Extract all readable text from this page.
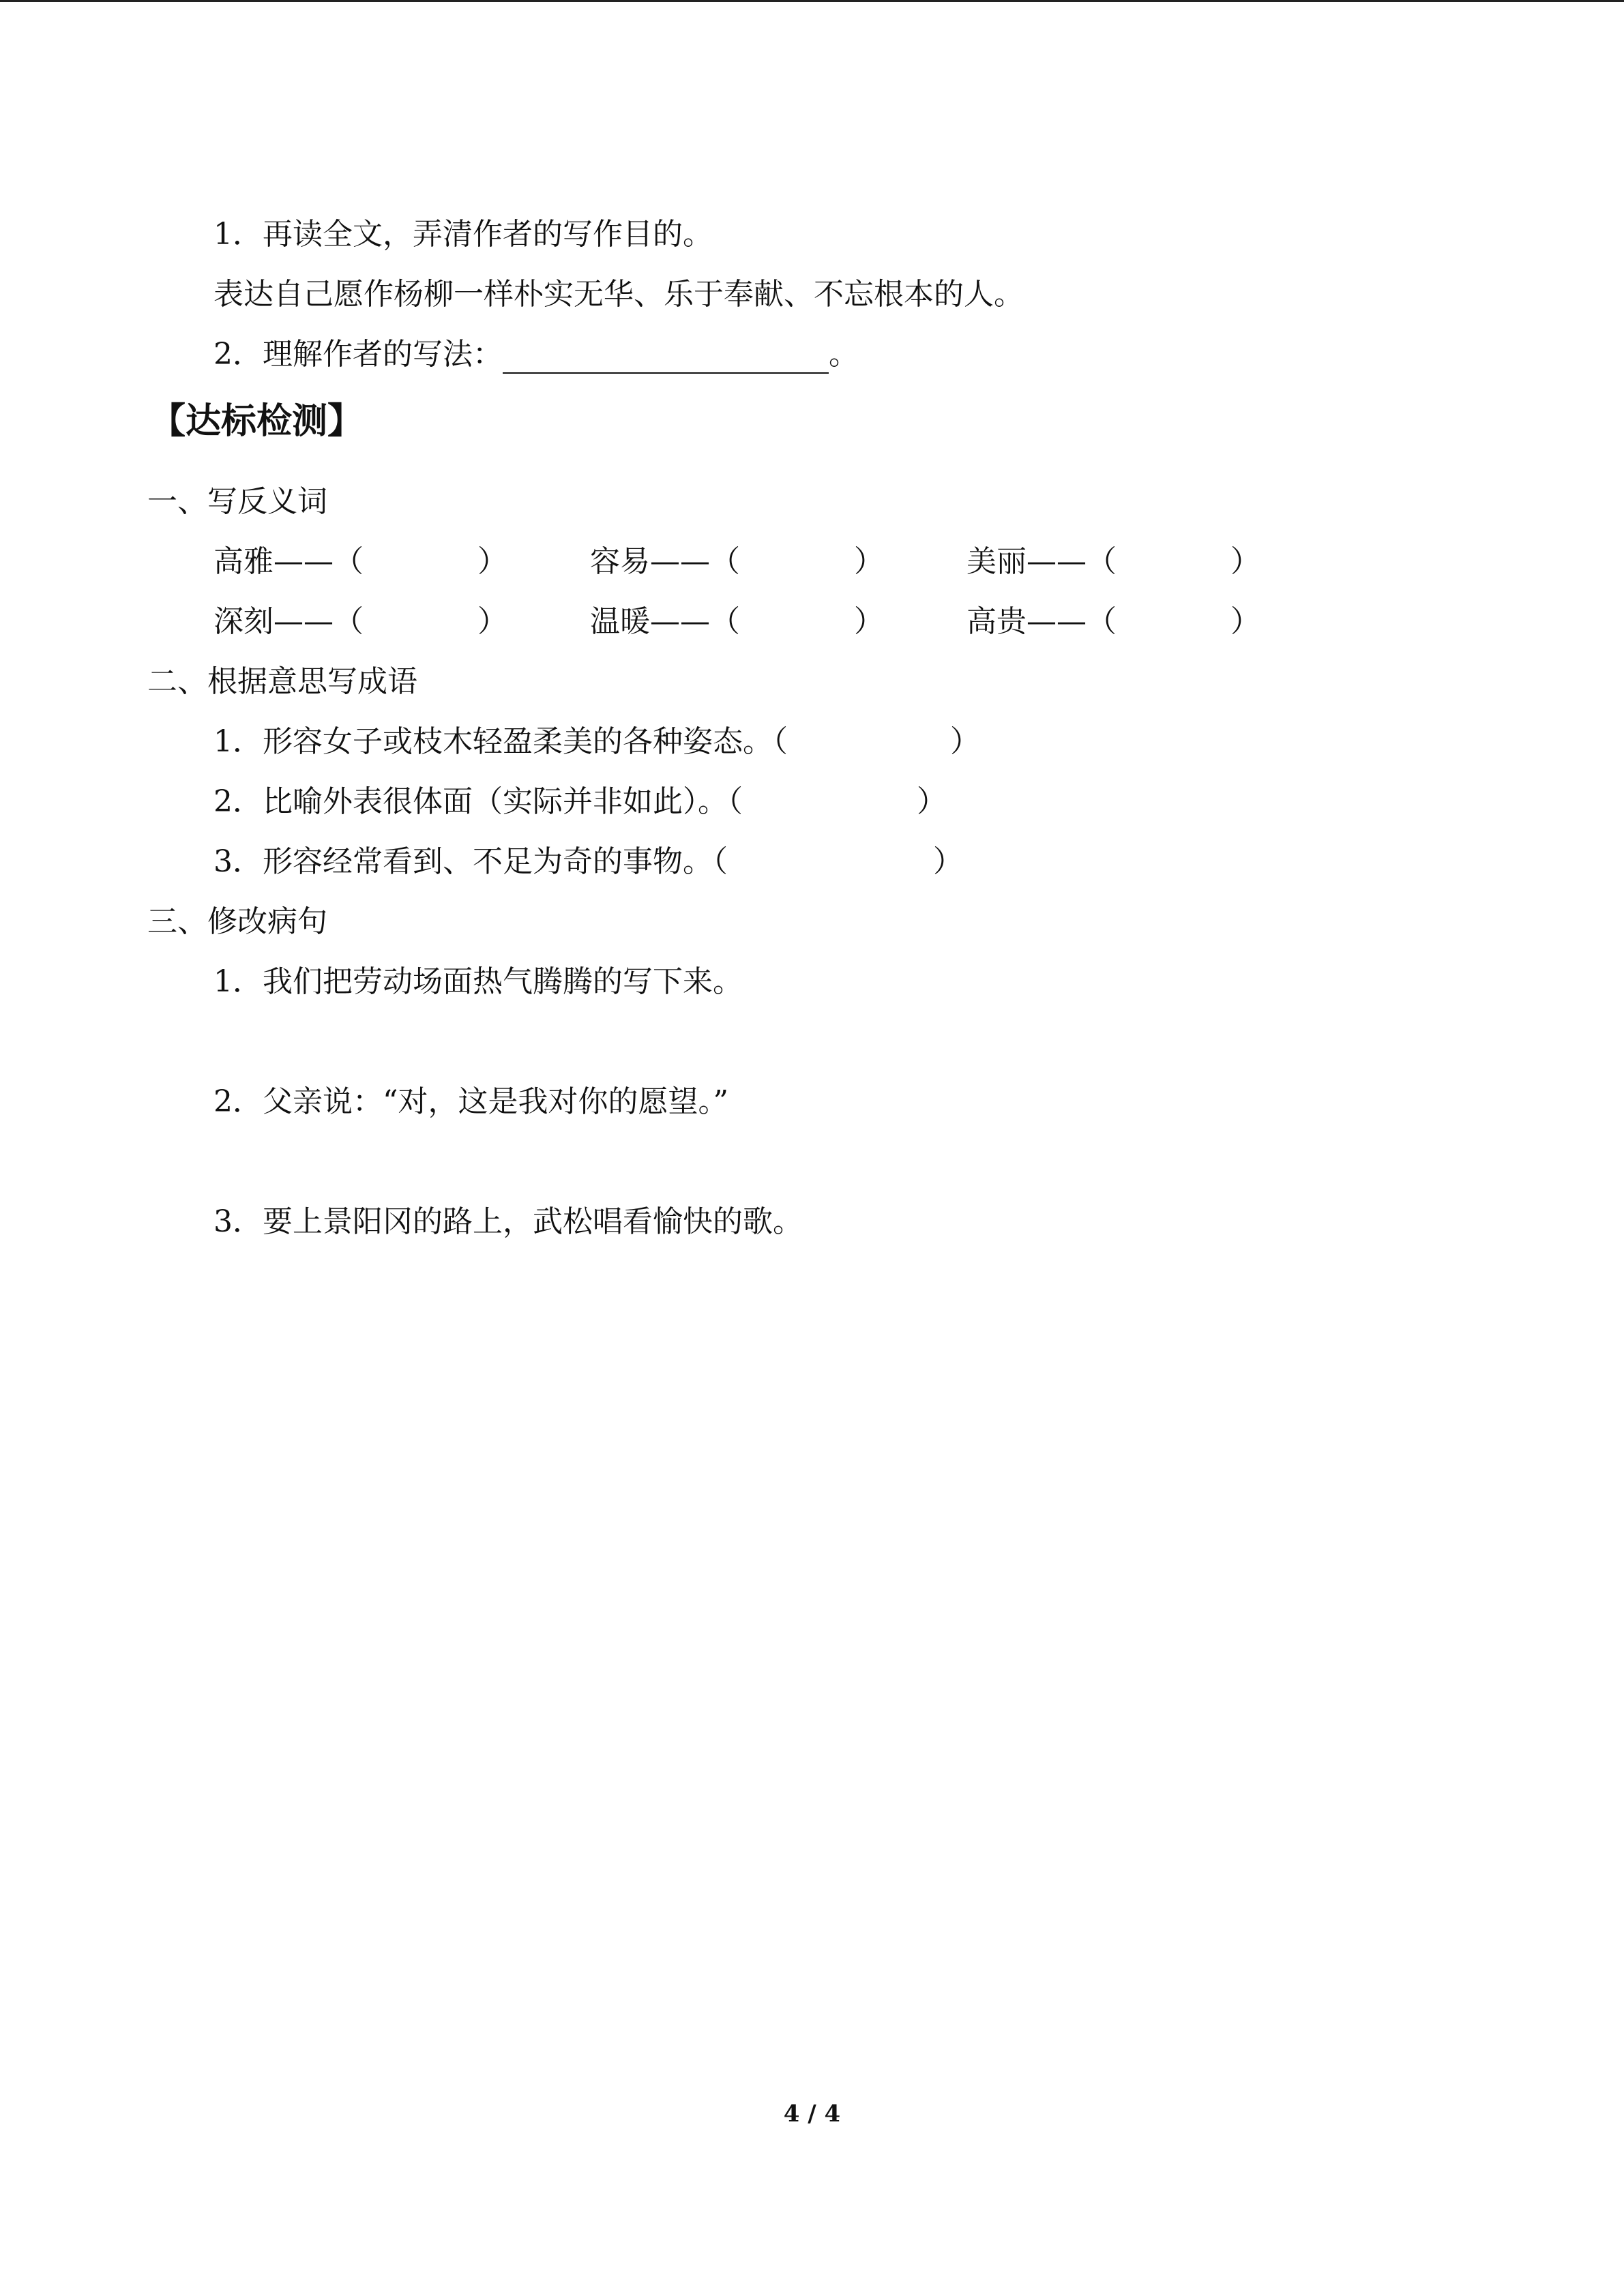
1．再读全文，弄清作者的写作目的。
表达自己愿作杨柳一样朴实无华、乐于奉献、不忘根本的人。
2．理解作者的写法：	。
【达标检测】
一、写反义词
高雅——（	）	容易——（	）	美丽——（	）
深刻——（	）	温暖——（	）	高贵——（	）
二、根据意思写成语
1．形容女子或枝木轻盈柔美的各种姿态。（	）
2．比喻外表很体面（实际并非如此）。（	）
3．形容经常看到、不足为奇的事物。（	）
三、修改病句
1．我们把劳动场面热气腾腾的写下来。
2．父亲说：“对，这是我对你的愿望。”
3．要上景阳冈的路上，武松唱看愉快的歌。
4 / 4
